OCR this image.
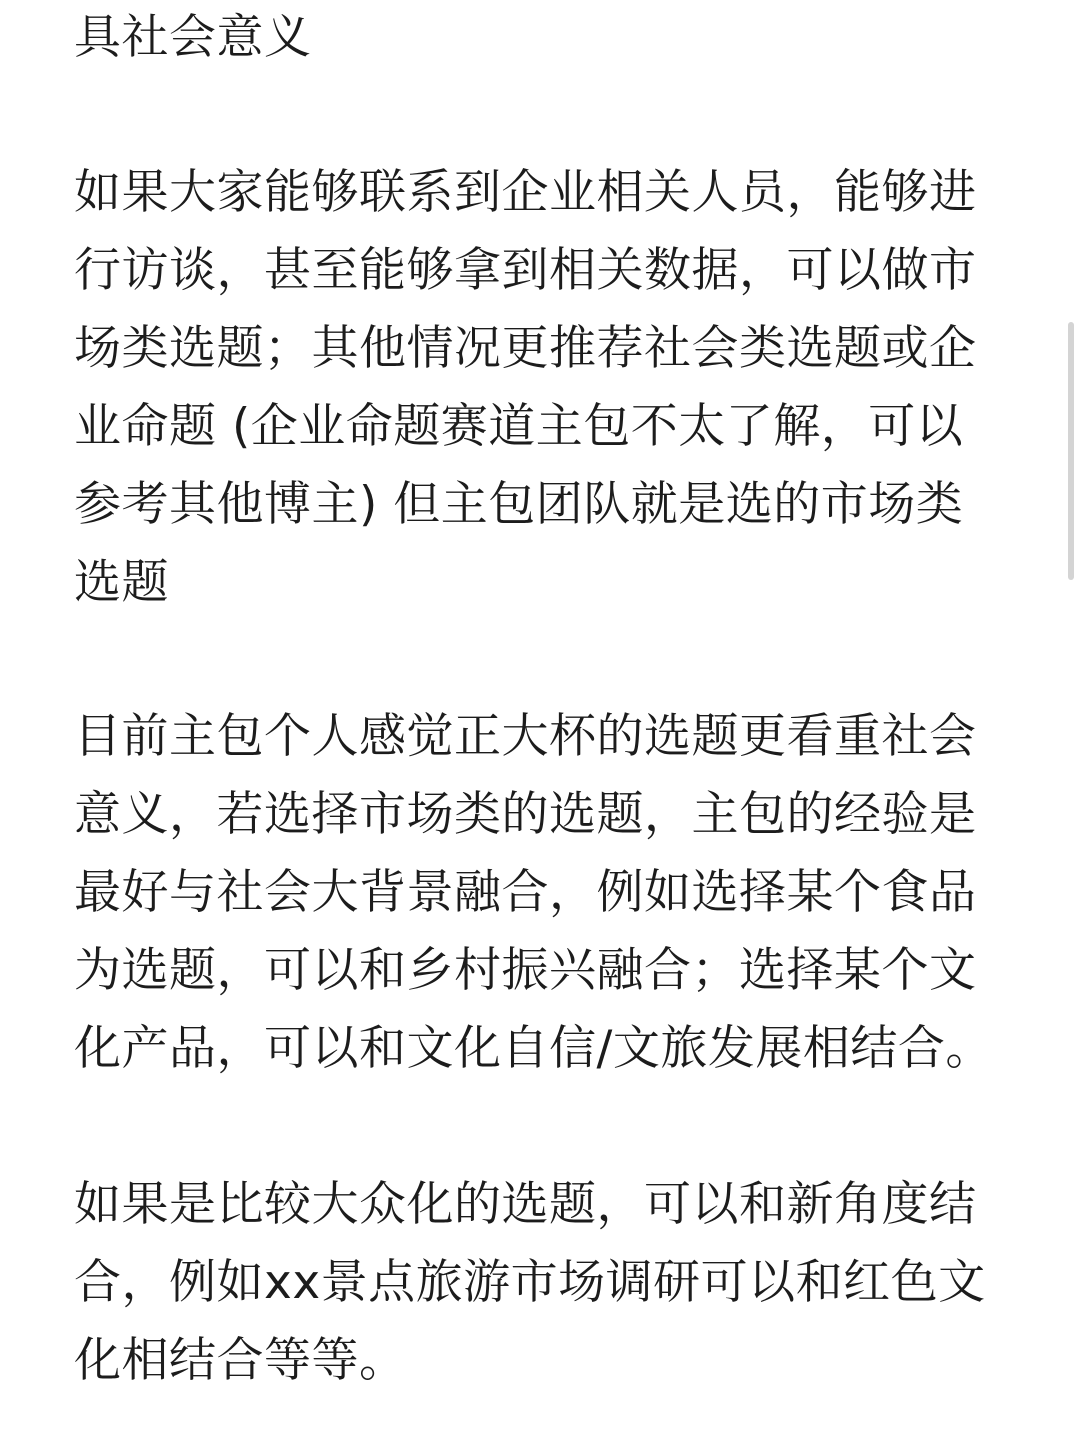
具社会意义
如果大家能够联系到企业相关人员，能够进
行访谈，甚至能够拿到相关数据，可以做市
场类选题；其他情况更推荐社会类选题或企
业命题 (企业命题赛道主包不太了解，可以
参考其他博主) 但主包团队就是选的市场类
选题
目前主包个人感觉正大杯的选题更看重社会
意义，若选择市场类的选题，主包的经验是
最好与社会大背景融合，例如选择某个食品
为选题，可以和乡村振兴融合；选择某个文
化产品，可以和文化自信/文旅发展相结合。
如果是比较大众化的选题，可以和新角度结
合，例如xx景点旅游市场调研可以和红色文
化相结合等等。
